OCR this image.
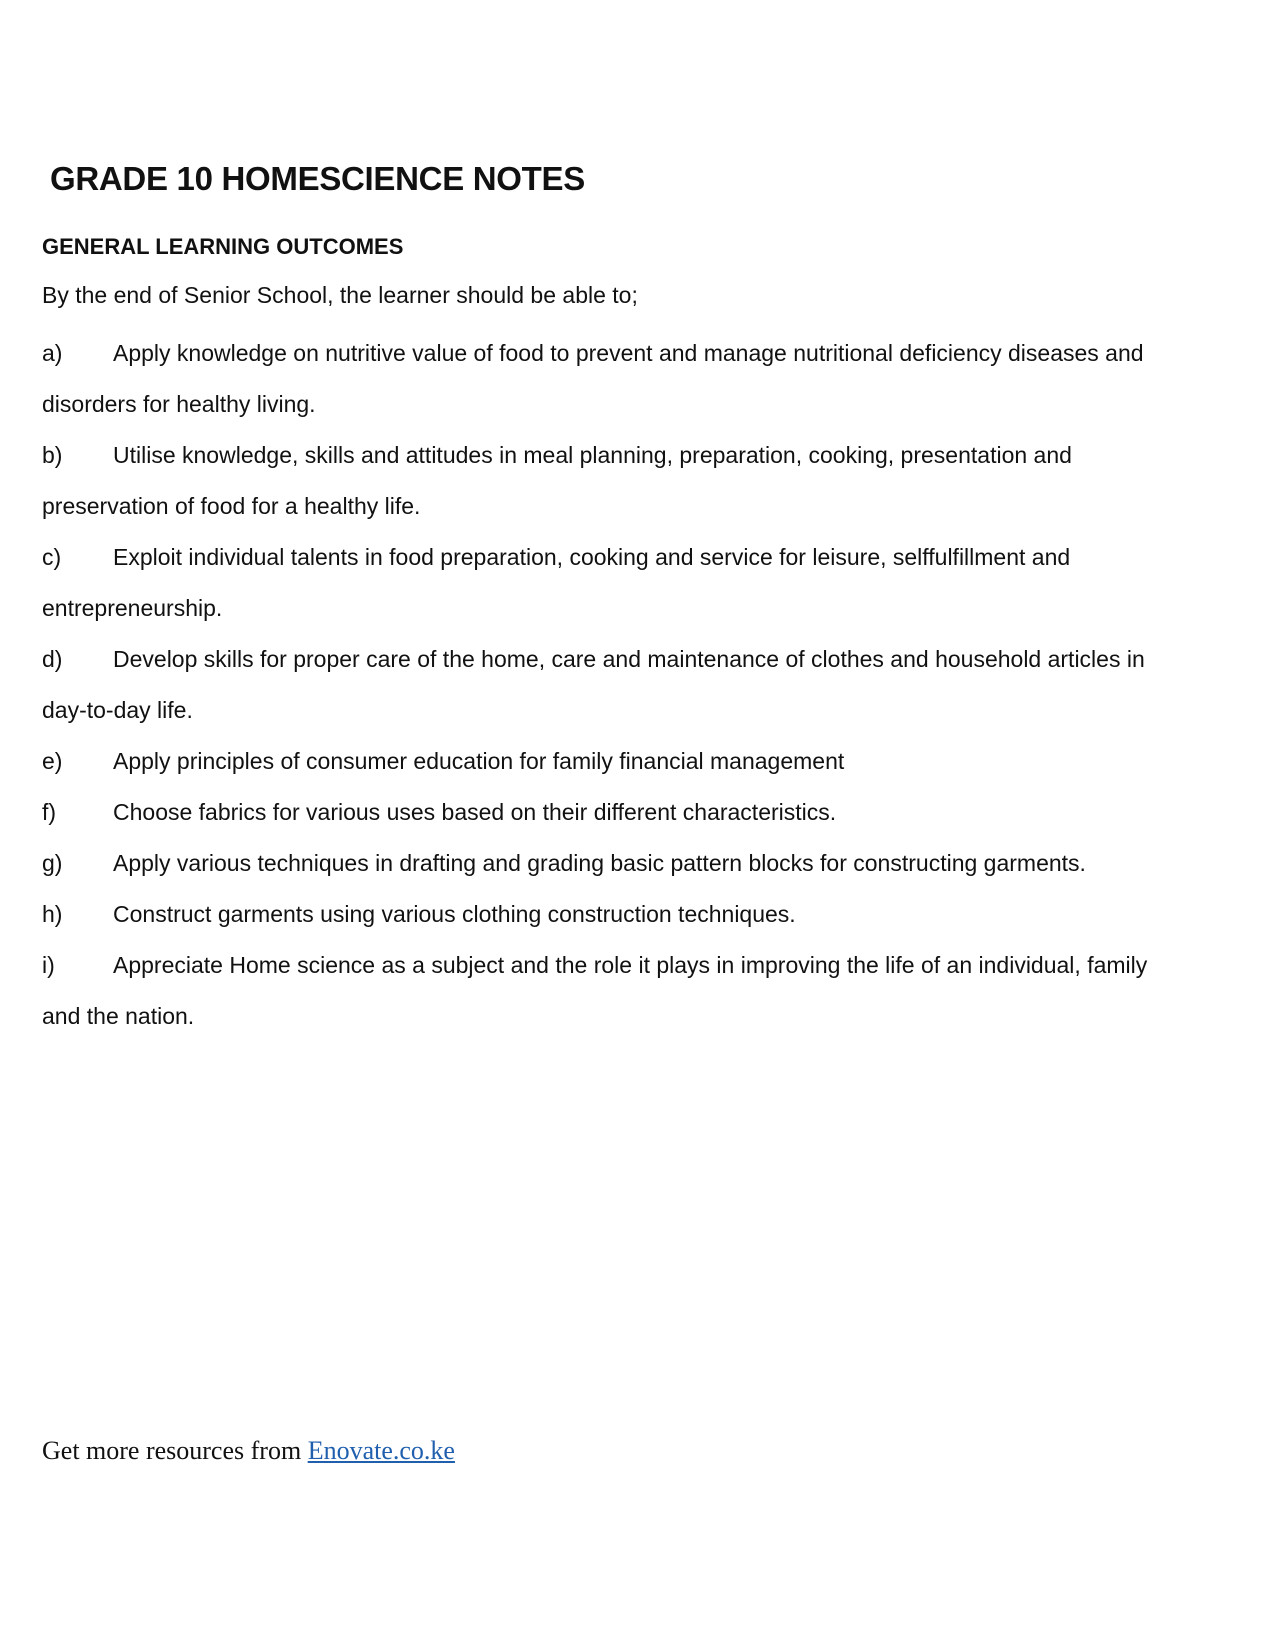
GRADE 10 HOMESCIENCE NOTES
GENERAL LEARNING OUTCOMES

By the end of Senior School, the learner should be able to;

a) Apply knowledge on nutritive value of food to prevent and manage nutritional deficiency diseases and disorders for healthy living.
b) Utilise knowledge, skills and attitudes in meal planning, preparation, cooking, presentation and preservation of food for a healthy life.
c) Exploit individual talents in food preparation, cooking and service for leisure, selffulfillment and entrepreneurship.
d) Develop skills for proper care of the home, care and maintenance of clothes and household articles in day-to-day life.
e) Apply principles of consumer education for family financial management
f) Choose fabrics for various uses based on their different characteristics.
g) Apply various techniques in drafting and grading basic pattern blocks for constructing garments.
h) Construct garments using various clothing construction techniques.
i)	Appreciate Home science as a subject and the role it plays in improving the life of an individual, family and the nation.

Get more resources from Enovate.co.ke
